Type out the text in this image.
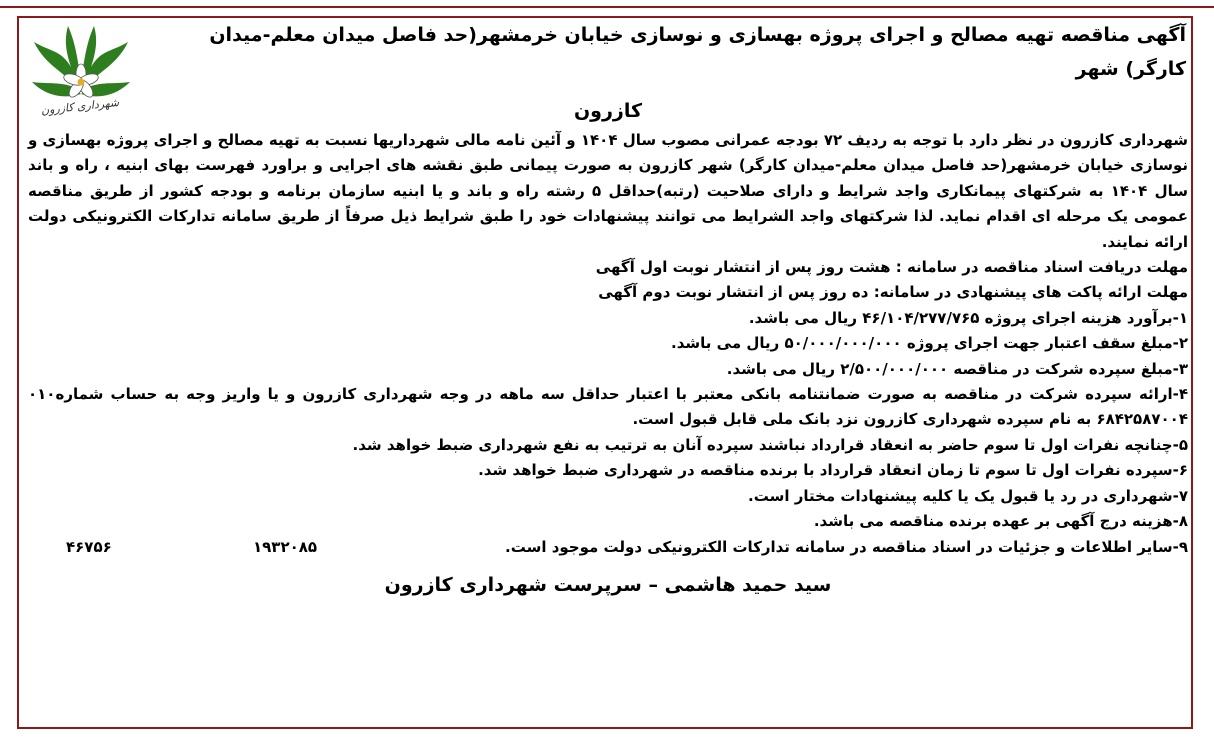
شهرداری کازرون

آگهی مناقصه تهیه مصالح و اجرای پروژه بهسازی و نوسازی خیابان خرمشهر(حد فاصل میدان معلم-میدان کارگر) شهر

کازرون

شهرداری کازرون در نظر دارد با توجه به ردیف ۷۲ بودجه عمرانی مصوب سال ۱۴۰۴ و آئین نامه مالی شهرداریها نسبت به تهیه مصالح و اجرای پروژه بهسازی و نوسازی خیابان خرمشهر(حد فاصل میدان معلم-میدان کارگر) شهر کازرون به صورت پیمانی طبق نقشه های اجرایی و براورد فهرست بهای ابنیه ، راه و باند سال ۱۴۰۴ به شرکتهای پیمانکاری واجد شرایط و دارای صلاحیت (رتبه)حداقل ۵ رشته راه و باند و یا ابنیه سازمان برنامه و بودجه کشور از طریق مناقصه عمومی یک مرحله ای اقدام نماید. لذا شرکتهای واجد الشرایط می توانند پیشنهادات خود را طبق شرایط ذیل صرفاً از طریق سامانه تدارکات الکترونیکی دولت ارائه نمایند.

مهلت دریافت اسناد مناقصه در سامانه : هشت روز پس از انتشار نوبت اول آگهی

مهلت ارائه پاکت های پیشنهادی در سامانه: ده روز پس از انتشار نوبت دوم آگهی

۱-برآورد هزینه اجرای پروژه ۴۶/۱۰۴/۲۷۷/۷۶۵ ریال می باشد.

۲-مبلغ سقف اعتبار جهت اجرای پروژه ۵۰/۰۰۰/۰۰۰/۰۰۰ ریال می باشد.

۳-مبلغ سپرده شرکت در مناقصه ۲/۵۰۰/۰۰۰/۰۰۰ ریال می باشد.

۴-ارائه سپرده شرکت در مناقصه به صورت ضمانتنامه بانکی معتبر با اعتبار حداقل سه ماهه در وجه شهرداری کازرون و یا واریز وجه به حساب شماره۰۱۰ ۶۸۴۲۵۸۷۰۰۴ به نام سپرده شهرداری کازرون نزد بانک ملی قابل قبول است.

۵-چنانچه نفرات اول تا سوم حاضر به انعقاد قرارداد نباشند سپرده آنان به ترتیب به نفع شهرداری ضبط خواهد شد.

۶-سپرده نفرات اول تا سوم تا زمان انعقاد قرارداد با برنده مناقصه در شهرداری ضبط خواهد شد.

۷-شهرداری در رد یا قبول یک یا کلیه پیشنهادات مختار است.

۸-هزینه درج آگهی بر عهده برنده مناقصه می باشد.

۹-سایر اطلاعات و جزئیات در اسناد مناقصه در سامانه تدارکات الکترونیکی دولت موجود است.
۱۹۳۲۰۸۵
۴۶۷۵۶

سید حمید هاشمی – سرپرست شهرداری کازرون
